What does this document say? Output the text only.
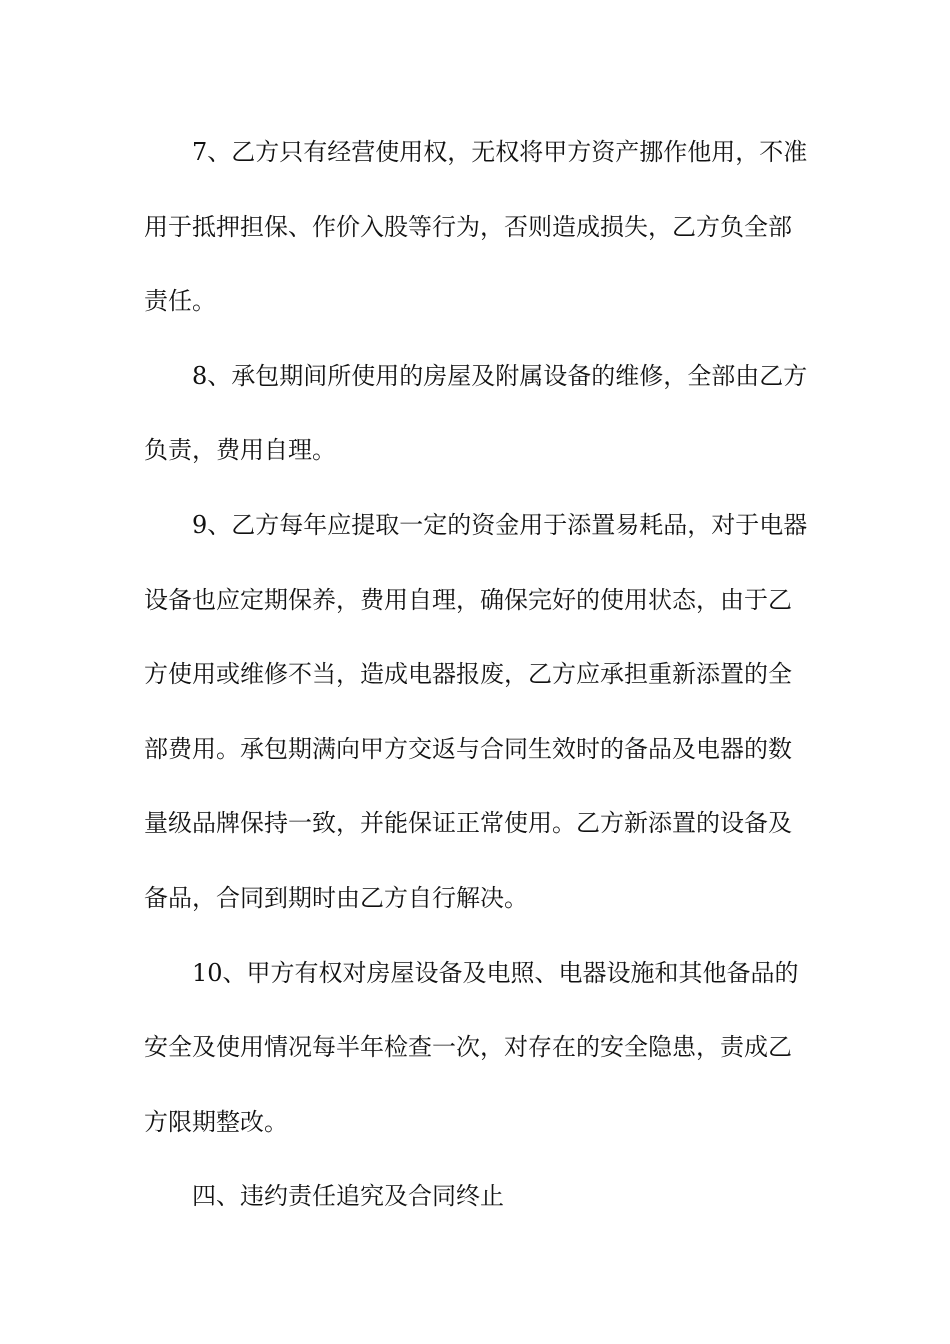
7、乙方只有经营使用权，无权将甲方资产挪作他用，不准
用于抵押担保、作价入股等行为，否则造成损失，乙方负全部
责任。
8、承包期间所使用的房屋及附属设备的维修，全部由乙方
负责，费用自理。
9、乙方每年应提取一定的资金用于添置易耗品，对于电器
设备也应定期保养，费用自理，确保完好的使用状态，由于乙
方使用或维修不当，造成电器报废，乙方应承担重新添置的全
部费用。承包期满向甲方交返与合同生效时的备品及电器的数
量级品牌保持一致，并能保证正常使用。乙方新添置的设备及
备品，合同到期时由乙方自行解决。
10、甲方有权对房屋设备及电照、电器设施和其他备品的
安全及使用情况每半年检查一次，对存在的安全隐患，责成乙
方限期整改。
四、违约责任追究及合同终止
